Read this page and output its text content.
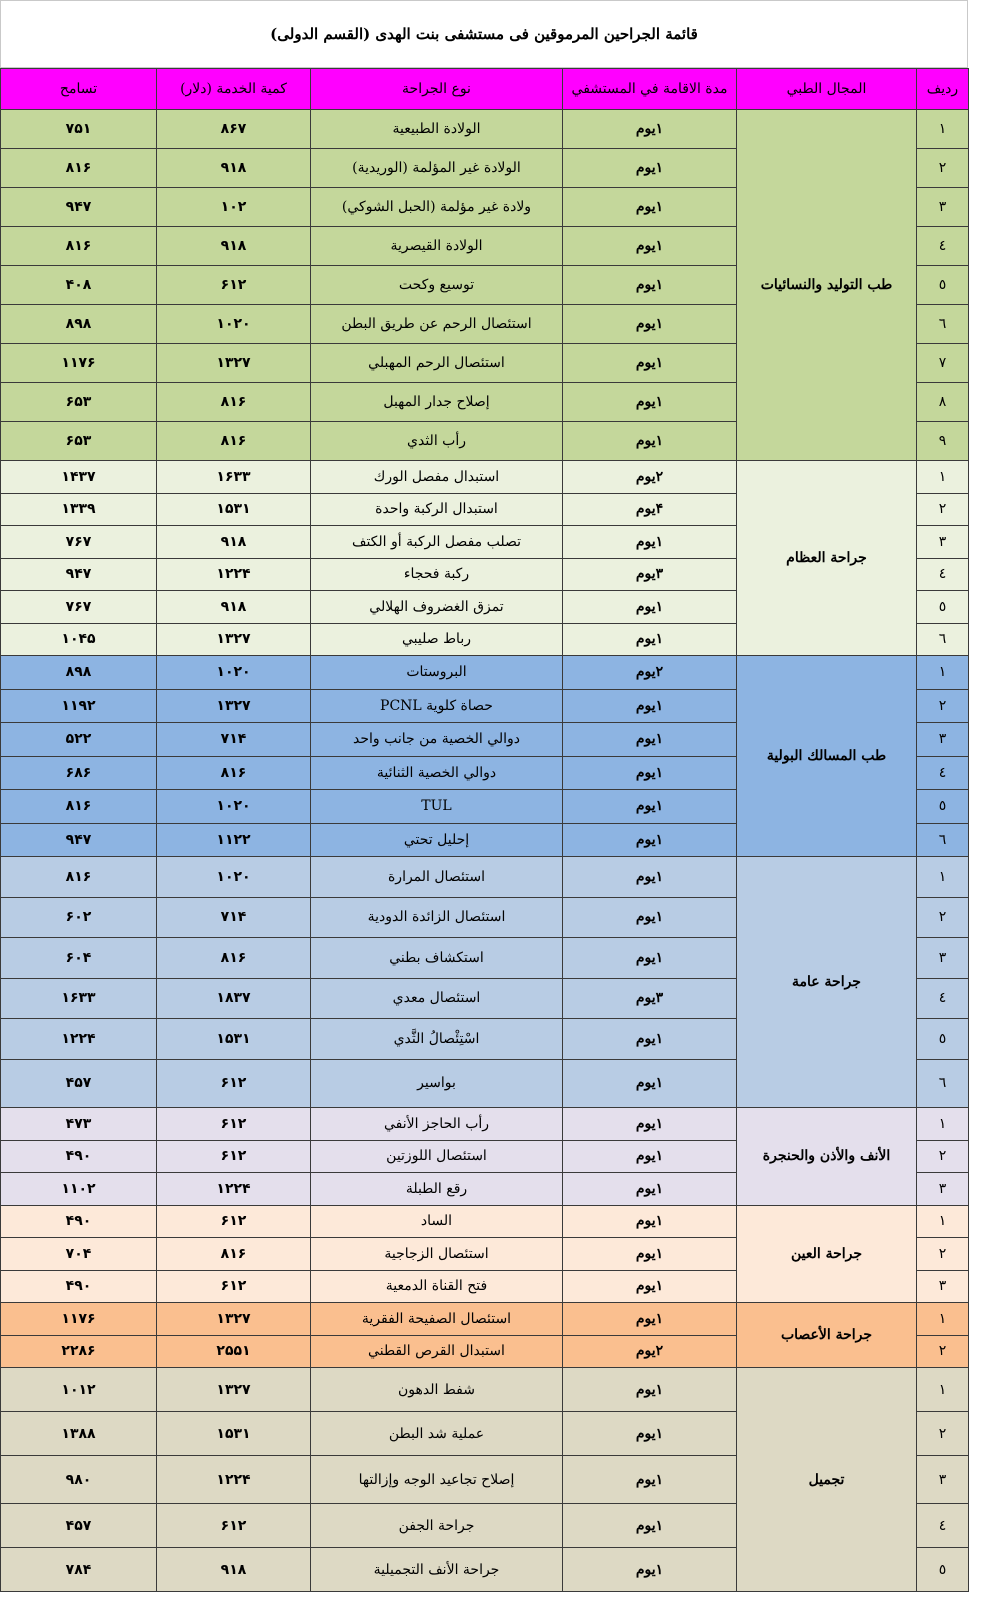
قائمة الجراحين المرموقين فى مستشفى بنت الهدى (القسم الدولى)
رديف	المجال الطبي	مدة الاقامة في المستشفي	نوع الجراحة	كمية الخدمة (دلار)	تسامح
١	طب التوليد والنسائيات	١يوم	الولادة الطبيعية	۸۶۷	۷۵۱
٢		١يوم	الولادة غير المؤلمة (الوريدية)	۹۱۸	۸۱۶
٣		١يوم	ولادة غير مؤلمة (الحبل الشوكي)	۱۰۲	۹۴۷
٤		١يوم	الولادة القيصرية	۹۱۸	۸۱۶
٥		١يوم	توسيع وكحت	۶۱۲	۴۰۸
٦		١يوم	استئصال الرحم عن طريق البطن	۱۰۲۰	۸۹۸
٧		١يوم	استئصال الرحم المهبلي	۱۳۲۷	۱۱۷۶
٨		١يوم	إصلاح جدار المهبل	۸۱۶	۶۵۳
٩		١يوم	رأب الثدي	۸۱۶	۶۵۳
١	جراحة العظام	٢يوم	استبدال مفصل الورك	۱۶۳۳	۱۴۳۷
٢		۴يوم	استبدال الركبة واحدة	۱۵۳۱	۱۳۳۹
٣		١يوم	تصلب مفصل الركبة أو الكتف	۹۱۸	۷۶۷
٤		٣يوم	ركبة فحجاء	۱۲۲۴	۹۴۷
٥		١يوم	تمزق الغضروف الهلالي	۹۱۸	۷۶۷
٦		١يوم	رباط صليبي	۱۳۲۷	۱۰۴۵
١	طب المسالك البولية	٢يوم	البروستات	۱۰۲۰	۸۹۸
٢		١يوم	حصاة كلوية PCNL	۱۳۲۷	۱۱۹۲
٣		١يوم	دوالي الخصية من جانب واحد	۷۱۴	۵۲۲
٤		١يوم	دوالي الخصية الثنائية	۸۱۶	۶۸۶
٥		١يوم	TUL	۱۰۲۰	۸۱۶
٦		١يوم	إحليل تحتي	۱۱۲۲	۹۴۷
١	جراحة عامة	١يوم	استئصال المرارة	۱۰۲۰	۸۱۶
٢		١يوم	استئصال الزائدة الدودية	۷۱۴	۶۰۲
٣		١يوم	استكشاف بطني	۸۱۶	۶۰۴
٤		٣يوم	استئصال معدي	۱۸۳۷	۱۶۳۳
٥		١يوم	اسْتِئْصالُ الثَّدي	۱۵۳۱	۱۲۲۴
٦		١يوم	بواسير	۶۱۲	۴۵۷
١	الأنف والأذن والحنجرة	١يوم	رأب الحاجز الأنفي	۶۱۲	۴۷۳
٢		١يوم	استئصال اللوزتين	۶۱۲	۴۹۰
٣		١يوم	رقع الطبلة	۱۲۲۴	۱۱۰۲
١	جراحة العين	١يوم	الساد	۶۱۲	۴۹۰
٢		١يوم	استئصال الزجاجية	۸۱۶	۷۰۴
٣		١يوم	فتح القناة الدمعية	۶۱۲	۴۹۰
١	جراحة الأعصاب	١يوم	استئصال الصفيحة الفقرية	۱۳۲۷	۱۱۷۶
٢		٢يوم	استبدال القرص القطني	۲۵۵۱	۲۲۸۶
١	تجميل	١يوم	شفط الدهون	۱۳۲۷	۱۰۱۲
٢		١يوم	عملية شد البطن	۱۵۳۱	۱۳۸۸
٣		١يوم	إصلاح تجاعيد الوجه وإزالتها	۱۲۲۴	۹۸۰
٤		١يوم	جراحة الجفن	۶۱۲	۴۵۷
٥		١يوم	جراحة الأنف التجميلية	۹۱۸	۷۸۴
